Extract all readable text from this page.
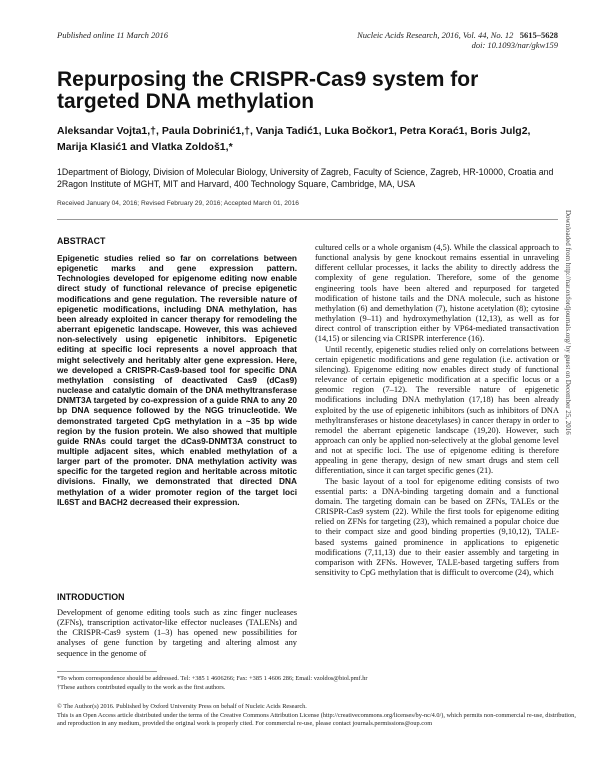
Published online 11 March 2016	Nucleic Acids Research, 2016, Vol. 44, No. 12 5615–5628
doi: 10.1093/nar/gkw159
Repurposing the CRISPR-Cas9 system for targeted DNA methylation
Aleksandar Vojta1,†, Paula Dobrinić1,†, Vanja Tadić1, Luka Bočkor1, Petra Korać1, Boris Julg2, Marija Klasić1 and Vlatka Zoldoš1,*
1Department of Biology, Division of Molecular Biology, University of Zagreb, Faculty of Science, Zagreb, HR-10000, Croatia and 2Ragon Institute of MGHT, MIT and Harvard, 400 Technology Square, Cambridge, MA, USA
Received January 04, 2016; Revised February 29, 2016; Accepted March 01, 2016
ABSTRACT
Epigenetic studies relied so far on correlations between epigenetic marks and gene expression pattern. Technologies developed for epigenome editing now enable direct study of functional relevance of precise epigenetic modifications and gene regulation. The reversible nature of epigenetic modifications, including DNA methylation, has been already exploited in cancer therapy for remodeling the aberrant epigenetic landscape. However, this was achieved non-selectively using epigenetic inhibitors. Epigenetic editing at specific loci represents a novel approach that might selectively and heritably alter gene expression. Here, we developed a CRISPR-Cas9-based tool for specific DNA methylation consisting of deactivated Cas9 (dCas9) nuclease and catalytic domain of the DNA methyltransferase DNMT3A targeted by co-expression of a guide RNA to any 20 bp DNA sequence followed by the NGG trinucleotide. We demonstrated targeted CpG methylation in a ~35 bp wide region by the fusion protein. We also showed that multiple guide RNAs could target the dCas9-DNMT3A construct to multiple adjacent sites, which enabled methylation of a larger part of the promoter. DNA methylation activity was specific for the targeted region and heritable across mitotic divisions. Finally, we demonstrated that directed DNA methylation of a wider promoter region of the target loci IL6ST and BACH2 decreased their expression.
INTRODUCTION
Development of genome editing tools such as zinc finger nucleases (ZFNs), transcription activator-like effector nucleases (TALENs) and the CRISPR-Cas9 system (1–3) has opened new possibilities for analyses of gene function by targeting and altering almost any sequence in the genome of
cultured cells or a whole organism (4,5). While the classical approach to functional analysis by gene knockout remains essential in unraveling different cellular processes, it lacks the ability to directly address the complexity of gene regulation. Therefore, some of the genome engineering tools have been altered and repurposed for targeted modification of histone tails and the DNA molecule, such as histone methylation (6) and demethylation (7), histone acetylation (8); cytosine methylation (9–11) and hydroxymethylation (12,13), as well as for direct control of transcription either by VP64-mediated transactivation (14,15) or silencing via CRISPR interference (16).
Until recently, epigenetic studies relied only on correlations between certain epigenetic modifications and gene regulation (i.e. activation or silencing). Epigenome editing now enables direct study of functional relevance of certain epigenetic modification at a specific locus or a genomic region (7–12). The reversible nature of epigenetic modifications including DNA methylation (17,18) has been already exploited by the use of epigenetic inhibitors (such as inhibitors of DNA methyltransferases or histone deacetylases) in cancer therapy in order to remodel the aberrant epigenetic landscape (19,20). However, such approach can only be applied non-selectively at the global genome level and not at specific loci. The use of epigenome editing is therefore appealing in gene therapy, design of new smart drugs and stem cell differentiation, since it can target specific genes (21).
The basic layout of a tool for epigenome editing consists of two essential parts: a DNA-binding targeting domain and a functional domain. The targeting domain can be based on ZFNs, TALEs or the CRISPR-Cas9 system (22). While the first tools for epigenome editing relied on ZFNs for targeting (23), which remained a popular choice due to their compact size and good binding properties (9,10,12), TALE-based systems gained prominence in applications to epigenetic modifications (7,11,13) due to their easier assembly and targeting in comparison with ZFNs. However, TALE-based targeting suffers from sensitivity to CpG methylation that is difficult to overcome (24), which
*To whom correspondence should be addressed. Tel: +385 1 4606266; Fax: +385 1 4606 286; Email: vzoldos@biol.pmf.hr
†These authors contributed equally to the work as the first authors.
© The Author(s) 2016. Published by Oxford University Press on behalf of Nucleic Acids Research.
This is an Open Access article distributed under the terms of the Creative Commons Attribution License (http://creativecommons.org/licenses/by-nc/4.0/), which permits non-commercial re-use, distribution, and reproduction in any medium, provided the original work is properly cited. For commercial re-use, please contact journals.permissions@oup.com
Downloaded from http://nar.oxfordjournals.org/ by guest on December 25, 2016
